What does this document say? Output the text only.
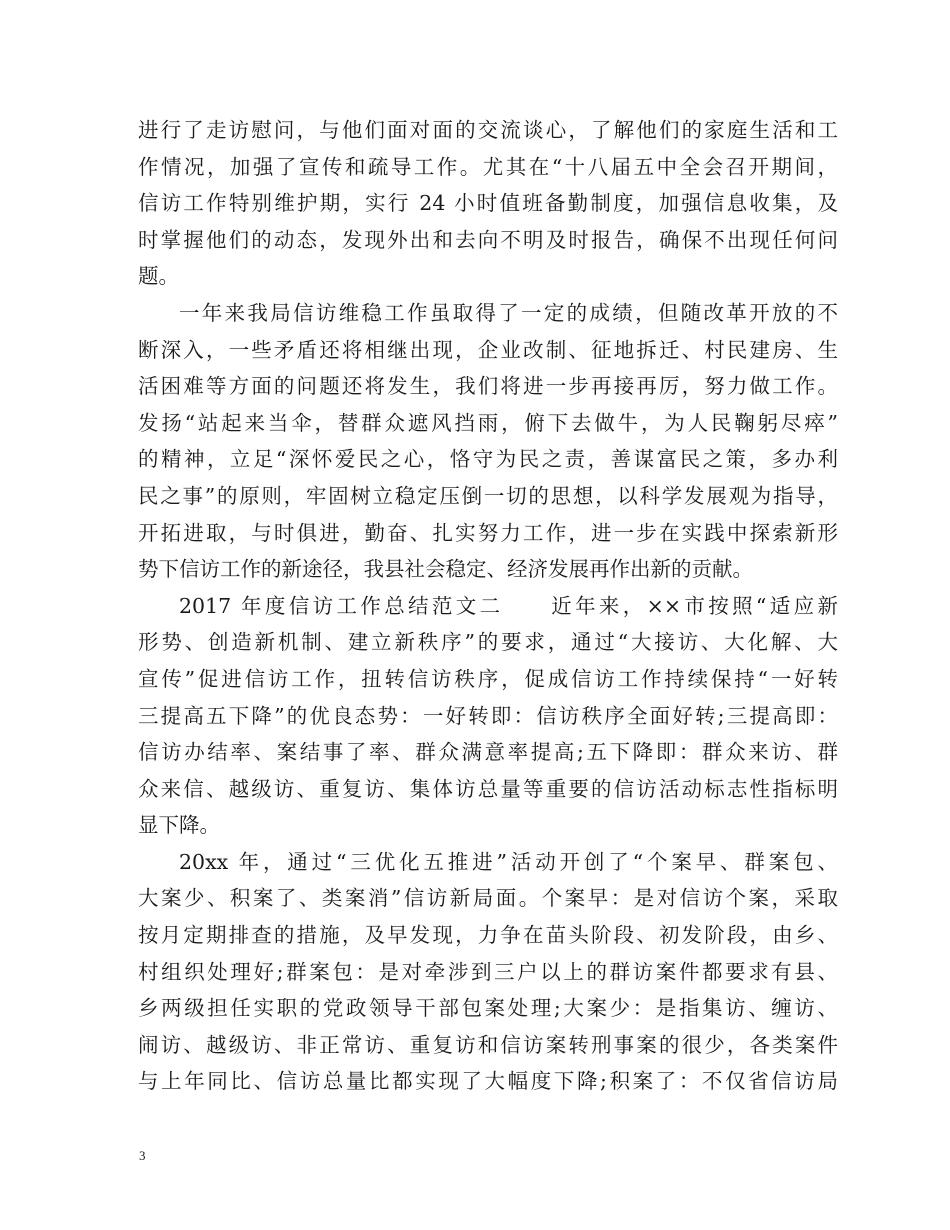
进行了走访慰问，与他们面对面的交流谈心，了解他们的家庭生活和工
作情况，加强了宣传和疏导工作。尤其在“十八届五中全会召开期间，
信访工作特别维护期，实行 24 小时值班备勤制度，加强信息收集，及
时掌握他们的动态，发现外出和去向不明及时报告，确保不出现任何问
题。
一年来我局信访维稳工作虽取得了一定的成绩，但随改革开放的不
断深入，一些矛盾还将相继出现，企业改制、征地拆迁、村民建房、生
活困难等方面的问题还将发生，我们将进一步再接再厉，努力做工作。
发扬“站起来当伞，替群众遮风挡雨，俯下去做牛，为人民鞠躬尽瘁”
的精神，立足“深怀爱民之心，恪守为民之责，善谋富民之策，多办利
民之事”的原则，牢固树立稳定压倒一切的思想，以科学发展观为指导，
开拓进取，与时俱进，勤奋、扎实努力工作，进一步在实践中探索新形
势下信访工作的新途径，我县社会稳定、经济发展再作出新的贡献。
2017 年度信访工作总结范文二　　近年来，××市按照“适应新
形势、创造新机制、建立新秩序”的要求，通过“大接访、大化解、大
宣传”促进信访工作，扭转信访秩序，促成信访工作持续保持“一好转
三提高五下降”的优良态势：一好转即：信访秩序全面好转;三提高即：
信访办结率、案结事了率、群众满意率提高;五下降即：群众来访、群
众来信、越级访、重复访、集体访总量等重要的信访活动标志性指标明
显下降。
20xx 年，通过“三优化五推进”活动开创了“个案早、群案包、
大案少、积案了、类案消”信访新局面。个案早：是对信访个案，采取
按月定期排查的措施，及早发现，力争在苗头阶段、初发阶段，由乡、
村组织处理好;群案包：是对牵涉到三户以上的群访案件都要求有县、
乡两级担任实职的党政领导干部包案处理;大案少：是指集访、缠访、
闹访、越级访、非正常访、重复访和信访案转刑事案的很少，各类案件
与上年同比、信访总量比都实现了大幅度下降;积案了：不仅省信访局
3
